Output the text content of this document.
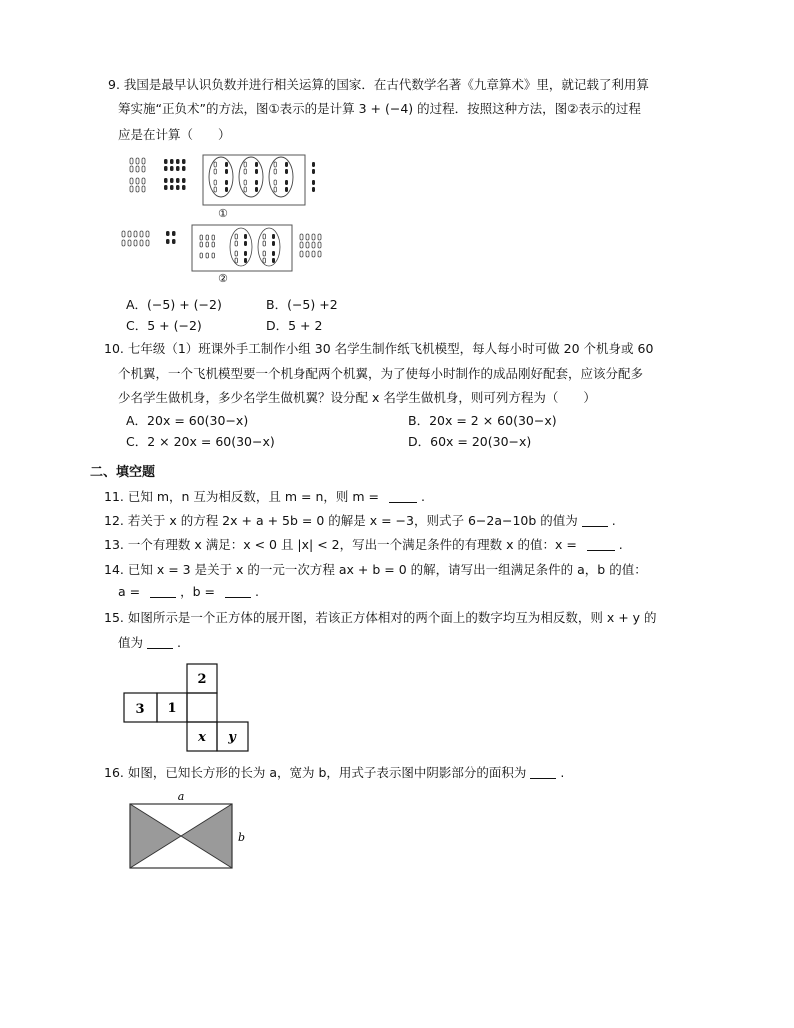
9. 我国是最早认识负数并进行相关运算的国家．在古代数学名著《九章算术》里，就记载了利用算
筹实施“正负术”的方法，图①表示的是计算 3 + (−4) 的过程．按照这种方法，图②表示的过程
应是在计算（　　）
①
②
A．(−5) + (−2)	B．(−5) +2
C．5 + (−2)	D．5 + 2
10. 七年级（1）班课外手工制作小组 30 名学生制作纸飞机模型，每人每小时可做 20 个机身或 60
个机翼，一个飞机模型要一个机身配两个机翼，为了使每小时制作的成品刚好配套，应该分配多
少名学生做机身，多少名学生做机翼？设分配 x 名学生做机身，则可列方程为（　　）
A．20x = 60(30−x)	B．20x = 2 × 60(30−x)
C．2 × 20x = 60(30−x)	D．60x = 20(30−x)
二、填空题
11. 已知 m，n 互为相反数，且 m = n，则 m =	.
12. 若关于 x 的方程 2x + a + 5b = 0 的解是 x = −3，则式子 6−2a−10b 的值为	.
13. 一个有理数 x 满足：x < 0 且 |x| < 2，写出一个满足条件的有理数 x 的值：x =	.
14. 已知 x = 3 是关于 x 的一元一次方程 ax + b = 0 的解，请写出一组满足条件的 a，b 的值：
a =	，b =	.
15. 如图所示是一个正方体的展开图，若该正方体相对的两个面上的数字均互为相反数，则 x + y 的
值为	.
2
3 1
x y
16. 如图，已知长方形的长为 a，宽为 b，用式子表示图中阴影部分的面积为	.
a
b
